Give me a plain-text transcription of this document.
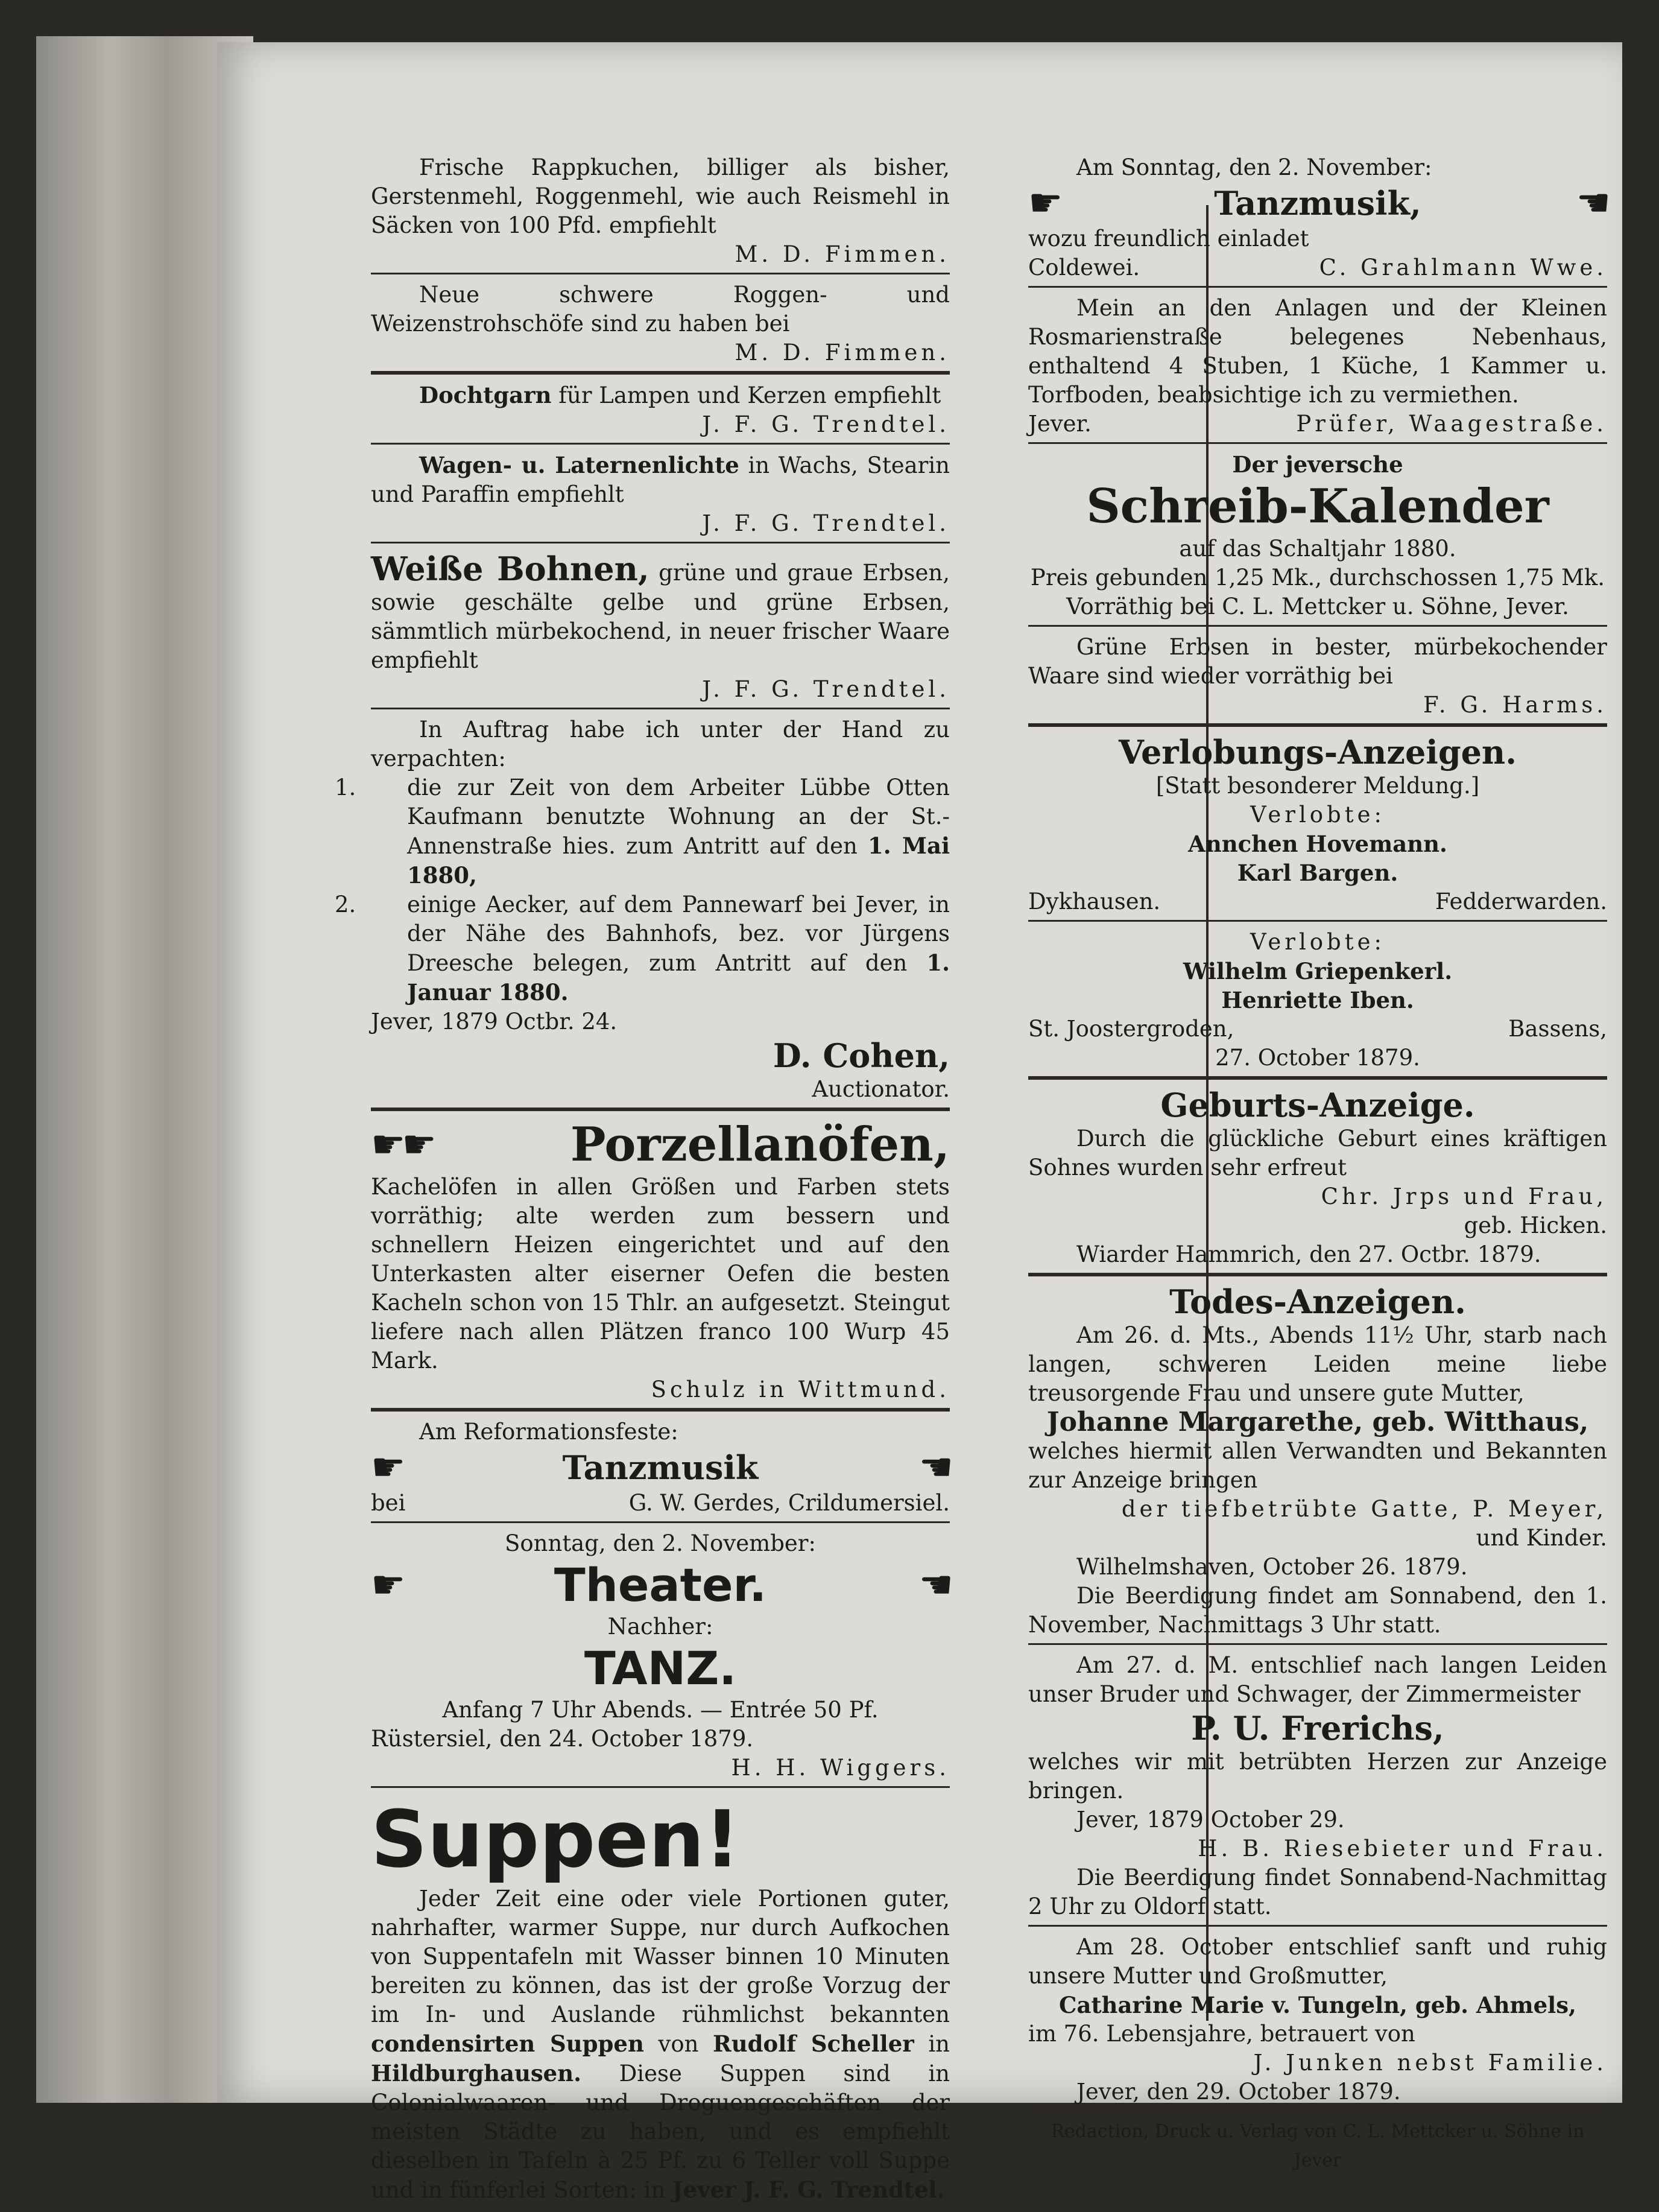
Frische Rappkuchen, billiger als bisher, Gerstenmehl, Roggenmehl, wie auch Reismehl in Säcken von 100 Pfd. empfiehlt

M. D. Fimmen.

Neue schwere Roggen- und Weizenstrohschöfe sind zu haben bei

M. D. Fimmen.

Dochtgarn für Lampen und Kerzen empfiehlt

J. F. G. Trendtel.

Wagen- u. Laternenlichte in Wachs, Stearin und Paraffin empfiehlt

J. F. G. Trendtel.

Weiße Bohnen, grüne und graue Erbsen, sowie geschälte gelbe und grüne Erbsen, sämmtlich mürbekochend, in neuer frischer Waare empfiehlt

J. F. G. Trendtel.

In Auftrag habe ich unter der Hand zu verpachten:

1. die zur Zeit von dem Arbeiter Lübbe Otten Kaufmann benutzte Wohnung an der St.-Annenstraße hies. zum Antritt auf den 1. Mai 1880,

2. einige Aecker, auf dem Pannewarf bei Jever, in der Nähe des Bahnhofs, bez. vor Jürgens Dreesche belegen, zum Antritt auf den 1. Januar 1880.

Jever, 1879 Octbr. 24.

D. Cohen,

Auctionator.

☛☛	Porzellanöfen,

Kachelöfen in allen Größen und Farben stets vorräthig; alte werden zum bessern und schnellern Heizen eingerichtet und auf den Unterkasten alter eiserner Oefen die besten Kacheln schon von 15 Thlr. an aufgesetzt. Steingut liefere nach allen Plätzen franco 100 Wurp 45 Mark.

Schulz in Wittmund.

Am Reformationsfeste:

☛	Tanzmusik	☚
bei	G. W. Gerdes, Crildumersiel.

Sonntag, den 2. November:

☛	Theater.	☚

Nachher:

TANZ.

Anfang 7 Uhr Abends. — Entrée 50 Pf.

Rüstersiel, den 24. October 1879.

H. H. Wiggers.

Suppen!

Jeder Zeit eine oder viele Portionen guter, nahrhafter, warmer Suppe, nur durch Aufkochen von Suppentafeln mit Wasser binnen 10 Minuten bereiten zu können, das ist der große Vorzug der im In- und Auslande rühmlichst bekannten condensirten Suppen von Rudolf Scheller in Hildburghausen. Diese Suppen sind in Colonialwaaren- und Droguengeschäften der meisten Städte zu haben, und es empfiehlt dieselben in Tafeln à 25 Pf. zu 6 Teller voll Suppe und in fünferlei Sorten: in Jever J. F. G. Trendtel.

Am Sonntag, den 2. November:

☛	Tanzmusik,	☚

wozu freundlich einladet

Coldewei.	C. Grahlmann Wwe.

Mein an den Anlagen und der Kleinen Rosmarienstraße belegenes Nebenhaus, enthaltend 4 Stuben, 1 Küche, 1 Kammer u. Torfboden, beabsichtige ich zu vermiethen.

Jever.	Prüfer, Waagestraße.

Der jeversche

Schreib-Kalender

auf das Schaltjahr 1880.

Preis gebunden 1,25 Mk., durchschossen 1,75 Mk.

Vorräthig bei C. L. Mettcker u. Söhne, Jever.

Grüne Erbsen in bester, mürbekochender Waare sind wieder vorräthig bei

F. G. Harms.

Verlobungs-Anzeigen.

[Statt besonderer Meldung.]

Verlobte:

Annchen Hovemann.

Karl Bargen.

Dykhausen.	Fedderwarden.

Verlobte:

Wilhelm Griepenkerl.

Henriette Iben.

St. Joostergroden,	Bassens,

27. October 1879.

Geburts-Anzeige.

Durch die glückliche Geburt eines kräftigen Sohnes wurden sehr erfreut

Chr. Jrps und Frau,

geb. Hicken.

Wiarder Hammrich, den 27. Octbr. 1879.

Todes-Anzeigen.

Am 26. d. Mts., Abends 11½ Uhr, starb nach langen, schweren Leiden meine liebe treusorgende Frau und unsere gute Mutter,

Johanne Margarethe, geb. Witthaus,

welches hiermit allen Verwandten und Bekannten zur Anzeige bringen

der tiefbetrübte Gatte, P. Meyer,

und Kinder.

Wilhelmshaven, October 26. 1879.

Die Beerdigung findet am Sonnabend, den 1. November, Nachmittags 3 Uhr statt.

Am 27. d. M. entschlief nach langen Leiden unser Bruder und Schwager, der Zimmermeister

P. U. Frerichs,

welches wir mit betrübten Herzen zur Anzeige bringen.

Jever, 1879 October 29.

H. B. Riesebieter und Frau.

Die Beerdigung findet Sonnabend-Nachmittag 2 Uhr zu Oldorf statt.

Am 28. October entschlief sanft und ruhig unsere Mutter und Großmutter,

Catharine Marie v. Tungeln, geb. Ahmels,

im 76. Lebensjahre, betrauert von

J. Junken nebst Familie.

Jever, den 29. October 1879.

Redaction, Druck u. Verlag von C. L. Mettcker u. Söhne in Jever
